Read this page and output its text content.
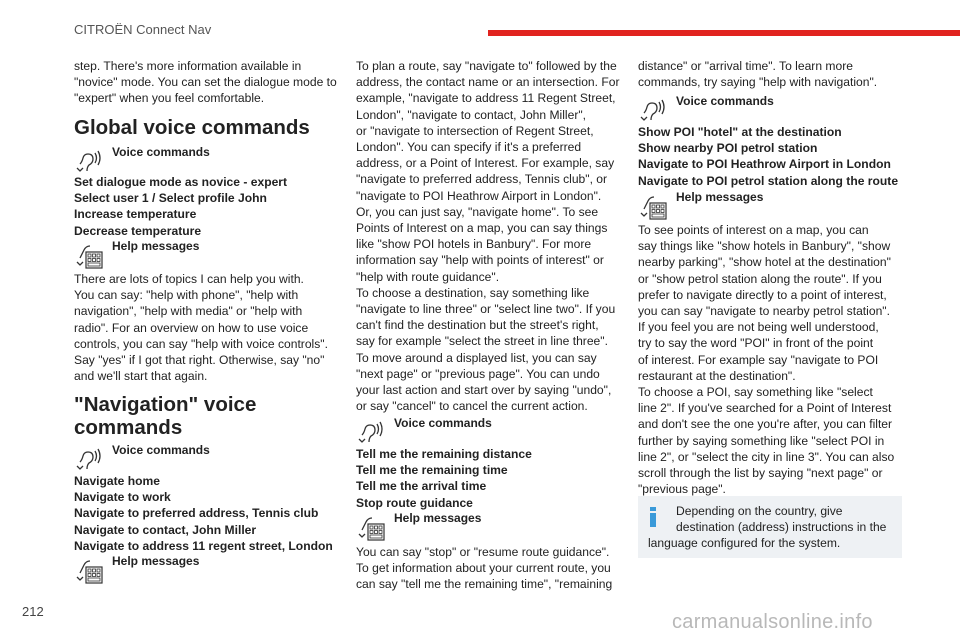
CITROËN Connect Nav
step. There's more information available in
"novice" mode. You can set the dialogue mode to
"expert" when you feel comfortable.
Global voice commands
Voice commands
Set dialogue mode as novice - expert
Select user 1 / Select profile John
Increase temperature
Decrease temperature
Help messages
There are lots of topics I can help you with.
You can say: "help with phone", "help with
navigation", "help with media" or "help with
radio". For an overview on how to use voice
controls, you can say "help with voice controls".
Say "yes" if I got that right. Otherwise, say "no"
and we'll start that again.
"Navigation" voice
commands
Voice commands
Navigate home
Navigate to work
Navigate to preferred address, Tennis club
Navigate to contact, John Miller
Navigate to address 11 regent street, London
Help messages
To plan a route, say "navigate to" followed by the
address, the contact name or an intersection. For
example, "navigate to address 11 Regent Street,
London", "navigate to contact, John Miller",
or "navigate to intersection of Regent Street,
London". You can specify if it's a preferred
address, or a Point of Interest. For example, say
"navigate to preferred address, Tennis club", or
"navigate to POI Heathrow Airport in London".
Or, you can just say, "navigate home". To see
Points of Interest on a map, you can say things
like "show POI hotels in Banbury". For more
information say "help with points of interest" or
"help with route guidance".
To choose a destination, say something like
"navigate to line three" or "select line two". If you
can't find the destination but the street's right,
say for example "select the street in line three".
To move around a displayed list, you can say
"next page" or "previous page". You can undo
your last action and start over by saying "undo",
or say "cancel" to cancel the current action.
Voice commands
Tell me the remaining distance
Tell me the remaining time
Tell me the arrival time
Stop route guidance
Help messages
You can say "stop" or "resume route guidance".
To get information about your current route, you
can say "tell me the remaining time", "remaining
distance" or "arrival time". To learn more
commands, try saying "help with navigation".
Voice commands
Show POI "hotel" at the destination
Show nearby POI petrol station
Navigate to POI Heathrow Airport in London
Navigate to POI petrol station along the route
Help messages
To see points of interest on a map, you can
say things like "show hotels in Banbury", "show
nearby parking", "show hotel at the destination"
or "show petrol station along the route". If you
prefer to navigate directly to a point of interest,
you can say "navigate to nearby petrol station".
If you feel you are not being well understood,
try to say the word "POI" in front of the point
of interest. For example say "navigate to POI
restaurant at the destination".
To choose a POI, say something like "select
line 2". If you've searched for a Point of Interest
and don't see the one you're after, you can filter
further by saying something like "select POI in
line 2", or "select the city in line 3". You can also
scroll through the list by saying "next page" or
"previous page".
Depending on the country, give
destination (address) instructions in the
language configured for the system.
212	carmanualsonline.info
